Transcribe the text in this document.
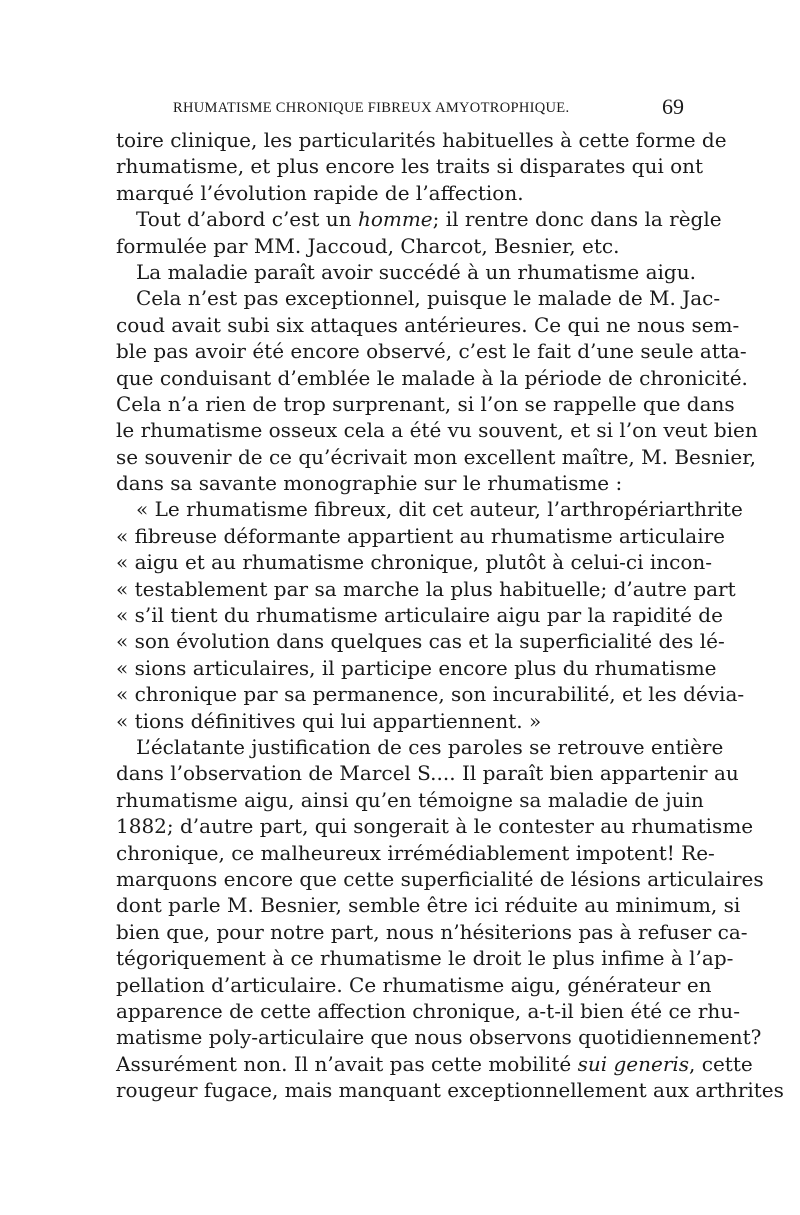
RHUMATISME CHRONIQUE FIBREUX AMYOTROPHIQUE.	69
toire clinique, les particularités habituelles à cette forme de
rhumatisme, et plus encore les traits si disparates qui ont
marqué l’évolution rapide de l’affection.
Tout d’abord c’est un homme; il rentre donc dans la règle
formulée par MM. Jaccoud, Charcot, Besnier, etc.
La maladie paraît avoir succédé à un rhumatisme aigu.
Cela n’est pas exceptionnel, puisque le malade de M. Jac-
coud avait subi six attaques antérieures. Ce qui ne nous sem-
ble pas avoir été encore observé, c’est le fait d’une seule atta-
que conduisant d’emblée le malade à la période de chronicité.
Cela n’a rien de trop surprenant, si l’on se rappelle que dans
le rhumatisme osseux cela a été vu souvent, et si l’on veut bien
se souvenir de ce qu’écrivait mon excellent maître, M. Besnier,
dans sa savante monographie sur le rhumatisme :
« Le rhumatisme fibreux, dit cet auteur, l’arthropériarthrite
« fibreuse déformante appartient au rhumatisme articulaire
« aigu et au rhumatisme chronique, plutôt à celui-ci incon-
« testablement par sa marche la plus habituelle; d’autre part
« s’il tient du rhumatisme articulaire aigu par la rapidité de
« son évolution dans quelques cas et la superficialité des lé-
« sions articulaires, il participe encore plus du rhumatisme
« chronique par sa permanence, son incurabilité, et les dévia-
« tions définitives qui lui appartiennent. »
L’éclatante justification de ces paroles se retrouve entière
dans l’observation de Marcel S.... Il paraît bien appartenir au
rhumatisme aigu, ainsi qu’en témoigne sa maladie de juin
1882; d’autre part, qui songerait à le contester au rhumatisme
chronique, ce malheureux irrémédiablement impotent! Re-
marquons encore que cette superficialité de lésions articulaires
dont parle M. Besnier, semble être ici réduite au minimum, si
bien que, pour notre part, nous n’hésiterions pas à refuser ca-
tégoriquement à ce rhumatisme le droit le plus infime à l’ap-
pellation d’articulaire. Ce rhumatisme aigu, générateur en
apparence de cette affection chronique, a-t-il bien été ce rhu-
matisme poly-articulaire que nous observons quotidiennement?
Assurément non. Il n’avait pas cette mobilité sui generis, cette
rougeur fugace, mais manquant exceptionnellement aux arthrites
